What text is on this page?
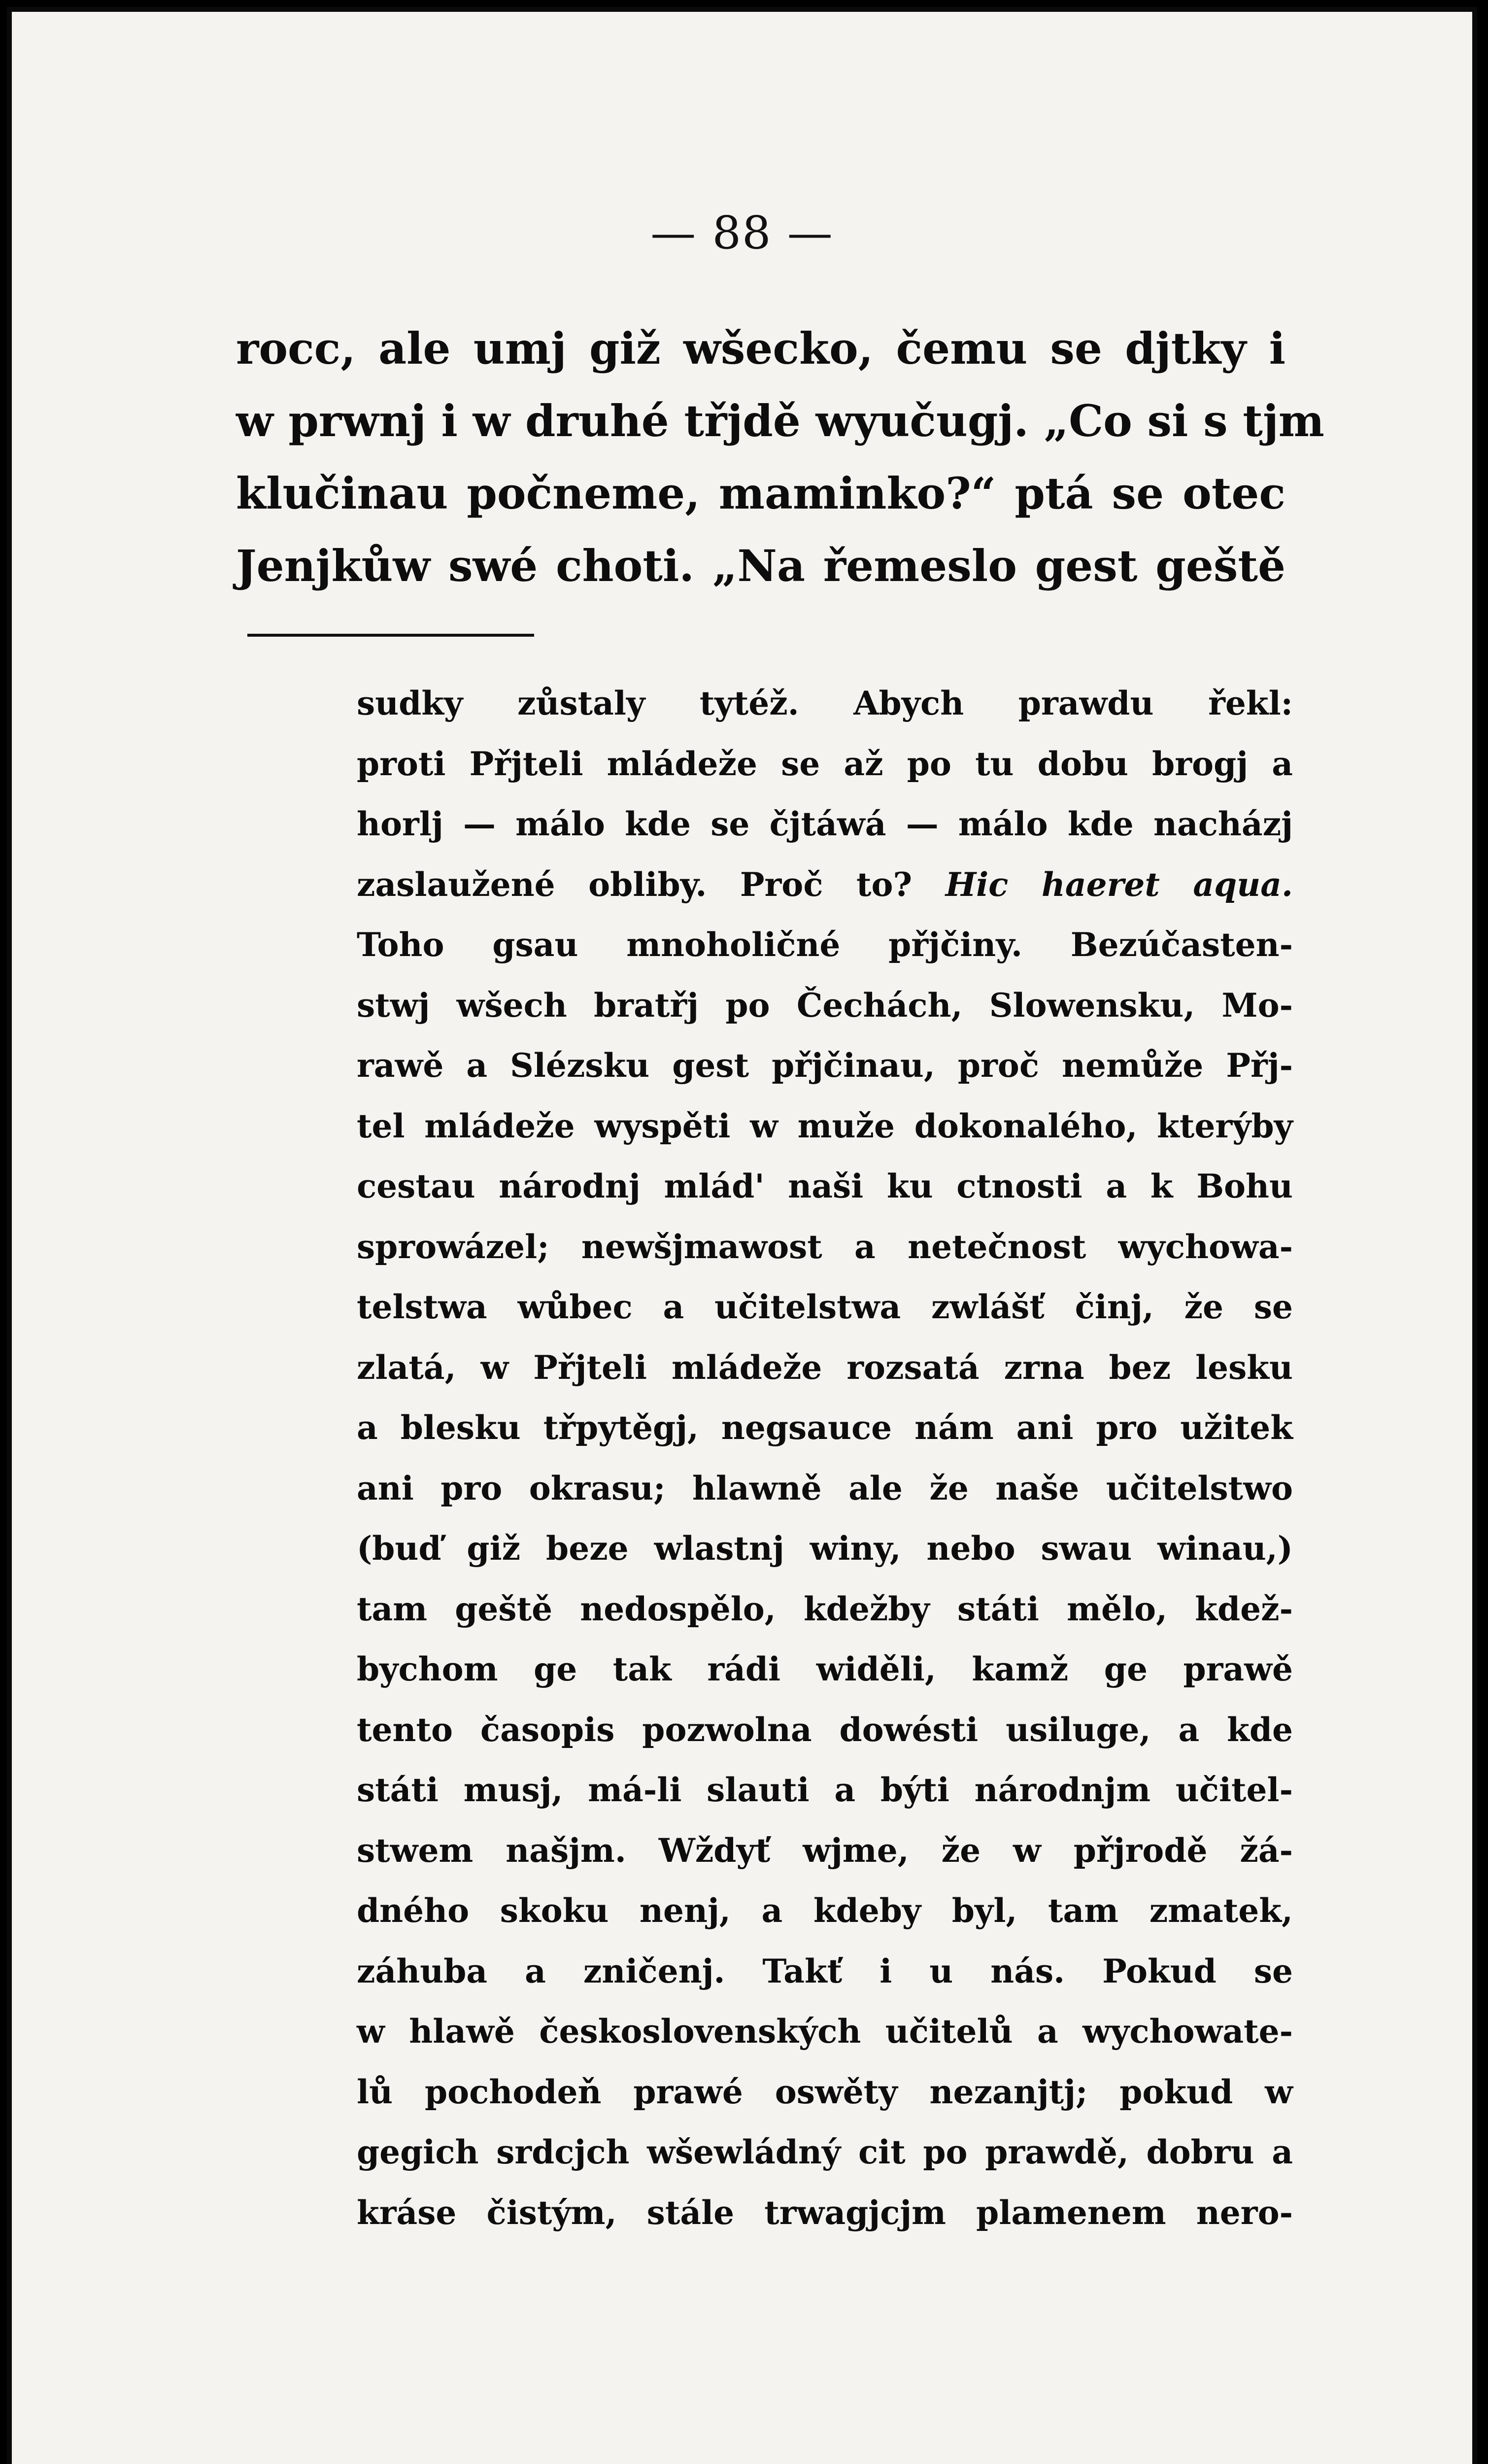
— 88 —
rocc, ale umj giž wšecko, čemu se djtky i
w prwnj i w druhé třjdě wyučugj. „Co si s tjm
klučinau počneme, maminko?“ ptá se otec
Jenjkůw swé choti. „Na řemeslo gest geště
sudky zůstaly tytéž. Abych prawdu řekl:
proti Přjteli mládeže se až po tu dobu brogj a
horlj — málo kde se čjtáwá — málo kde nacházj
zaslaužené obliby. Proč to? Hic haeret aqua.
Toho gsau mnoholičné přjčiny. Bezúčasten-
stwj wšech bratřj po Čechách, Slowensku, Mo-
rawě a Slézsku gest přjčinau, proč nemůže Přj-
tel mládeže wyspěti w muže dokonalého, kterýby
cestau národnj mlád' naši ku ctnosti a k Bohu
sprowázel; newšjmawost a netečnost wychowa-
telstwa wůbec a učitelstwa zwlášť činj, že se
zlatá, w Přjteli mládeže rozsatá zrna bez lesku
a blesku třpytěgj, negsauce nám ani pro užitek
ani pro okrasu; hlawně ale že naše učitelstwo
(buď giž beze wlastnj winy, nebo swau winau,)
tam geště nedospělo, kdežby státi mělo, kdež-
bychom ge tak rádi widěli, kamž ge prawě
tento časopis pozwolna dowésti usiluge, a kde
státi musj, má-li slauti a býti národnjm učitel-
stwem našjm. Wždyť wjme, že w přjrodě žá-
dného skoku nenj, a kdeby byl, tam zmatek,
záhuba a zničenj. Takť i u nás. Pokud se
w hlawě československých učitelů a wychowate-
lů pochodeň prawé oswěty nezanjtj; pokud w
gegich srdcjch wšewládný cit po prawdě, dobru a
kráse čistým, stále trwagjcjm plamenem nero-
